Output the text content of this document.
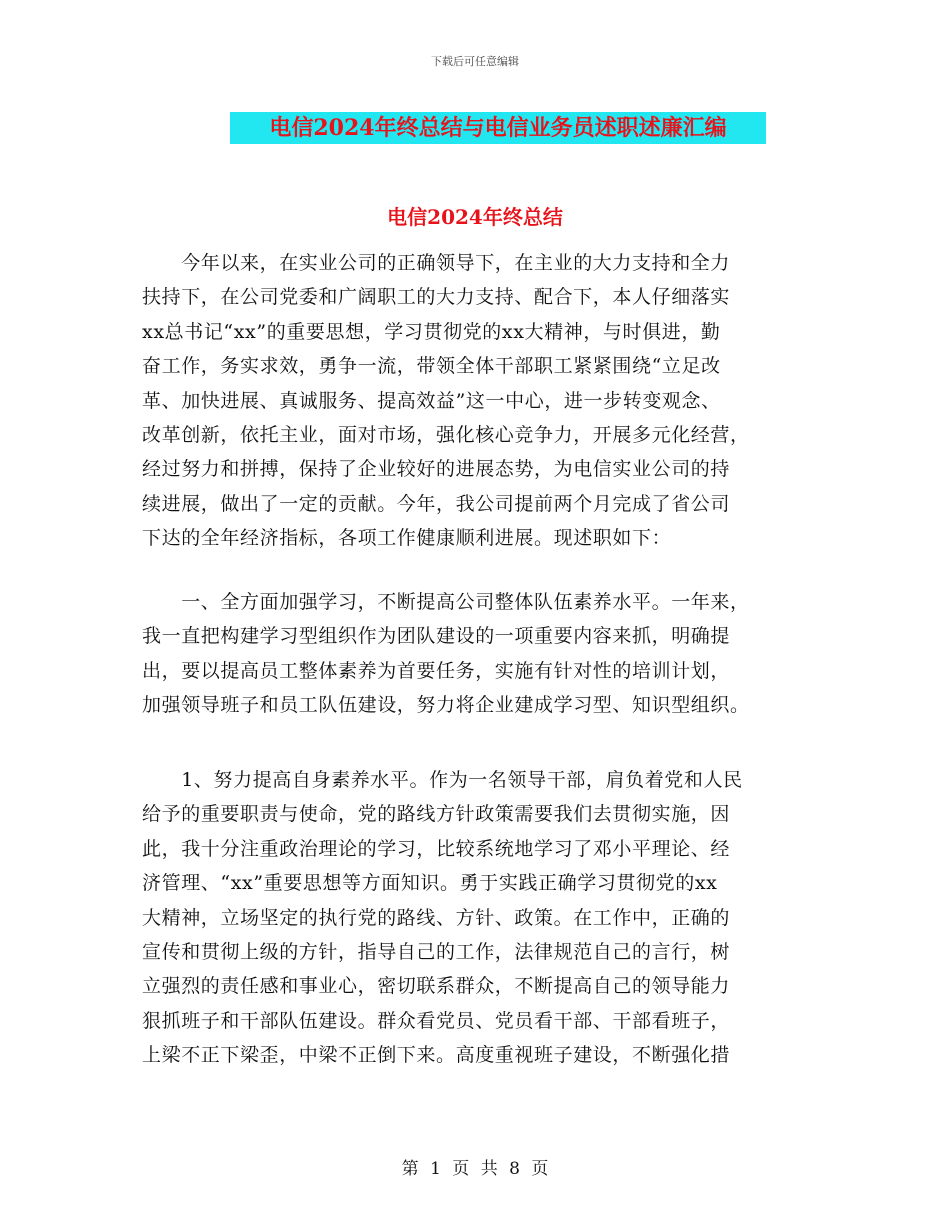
下载后可任意编辑
电信2024年终总结与电信业务员述职述廉汇编
电信2024年终总结

　　今年以来，在实业公司的正确领导下，在主业的大力支持和全力
扶持下，在公司党委和广阔职工的大力支持、配合下，本人仔细落实
xx总书记“xx”的重要思想，学习贯彻党的xx大精神，与时俱进，勤
奋工作，务实求效，勇争一流，带领全体干部职工紧紧围绕“立足改
革、加快进展、真诚服务、提高效益”这一中心，进一步转变观念、
改革创新，依托主业，面对市场，强化核心竞争力，开展多元化经营，
经过努力和拼搏，保持了企业较好的进展态势，为电信实业公司的持
续进展，做出了一定的贡献。今年，我公司提前两个月完成了省公司
下达的全年经济指标，各项工作健康顺利进展。现述职如下：

　　一、全方面加强学习，不断提高公司整体队伍素养水平。一年来，
我一直把构建学习型组织作为团队建设的一项重要内容来抓，明确提
出，要以提高员工整体素养为首要任务，实施有针对性的培训计划，
加强领导班子和员工队伍建设，努力将企业建成学习型、知识型组织。

　　1、努力提高自身素养水平。作为一名领导干部，肩负着党和人民
给予的重要职责与使命，党的路线方针政策需要我们去贯彻实施，因
此，我十分注重政治理论的学习，比较系统地学习了邓小平理论、经
济管理、“xx”重要思想等方面知识。勇于实践正确学习贯彻党的xx
大精神，立场坚定的执行党的路线、方针、政策。在工作中，正确的
宣传和贯彻上级的方针，指导自己的工作，法律规范自己的言行，树
立强烈的责任感和事业心，密切联系群众，不断提高自己的领导能力
狠抓班子和干部队伍建设。群众看党员、党员看干部、干部看班子，
上梁不正下梁歪，中梁不正倒下来。高度重视班子建设，不断强化措

第 1 页 共 8 页
